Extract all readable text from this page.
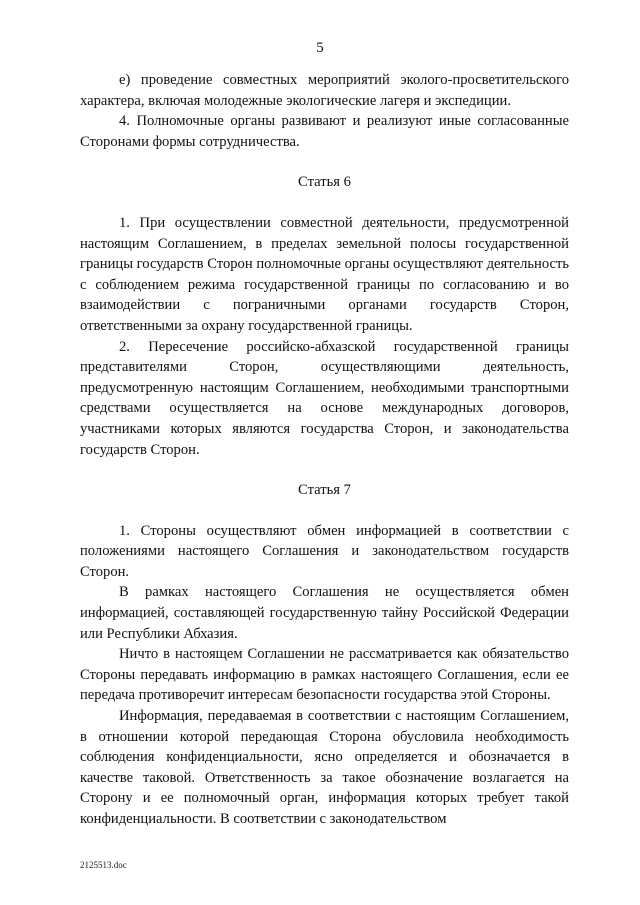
5

е) проведение совместных мероприятий эколого-просветительского характера, включая молодежные экологические лагеря и экспедиции.

4. Полномочные органы развивают и реализуют иные согласованные Сторонами формы сотрудничества.

Статья 6

1. При осуществлении совместной деятельности, предусмотренной настоящим Соглашением, в пределах земельной полосы государственной границы государств Сторон полномочные органы осуществляют деятельность с соблюдением режима государственной границы по согласованию и во взаимодействии с пограничными органами государств Сторон, ответственными за охрану государственной границы.

2. Пересечение российско-абхазской государственной границы представителями Сторон, осуществляющими деятельность, предусмотренную настоящим Соглашением, необходимыми транспортными средствами осуществляется на основе международных договоров, участниками которых являются государства Сторон, и законодательства государств Сторон.

Статья 7

1. Стороны осуществляют обмен информацией в соответствии с положениями настоящего Соглашения и законодательством государств Сторон.

В рамках настоящего Соглашения не осуществляется обмен информацией, составляющей государственную тайну Российской Федерации или Республики Абхазия.

Ничто в настоящем Соглашении не рассматривается как обязательство Стороны передавать информацию в рамках настоящего Соглашения, если ее передача противоречит интересам безопасности государства этой Стороны.

Информация, передаваемая в соответствии с настоящим Соглашением, в отношении которой передающая Сторона обусловила необходимость соблюдения конфиденциальности, ясно определяется и обозначается в качестве таковой. Ответственность за такое обозначение возлагается на Сторону и ее полномочный орган, информация которых требует такой конфиденциальности. В соответствии с законодательством

2125513.doc
